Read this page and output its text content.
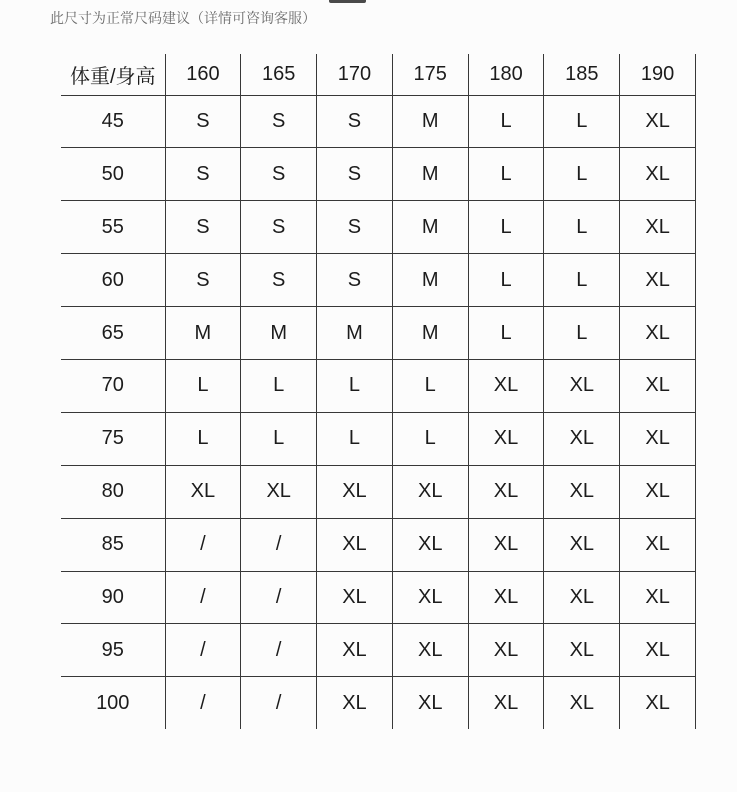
此尺寸为正常尺码建议（详情可咨询客服）
体重/身高	160	165	170	175	180	185	190
45	S	S	S	M	L	L	XL
50	S	S	S	M	L	L	XL
55	S	S	S	M	L	L	XL
60	S	S	S	M	L	L	XL
65	M	M	M	M	L	L	XL
70	L	L	L	L	XL	XL	XL
75	L	L	L	L	XL	XL	XL
80	XL	XL	XL	XL	XL	XL	XL
85	/	/	XL	XL	XL	XL	XL
90	/	/	XL	XL	XL	XL	XL
95	/	/	XL	XL	XL	XL	XL
100	/	/	XL	XL	XL	XL	XL
